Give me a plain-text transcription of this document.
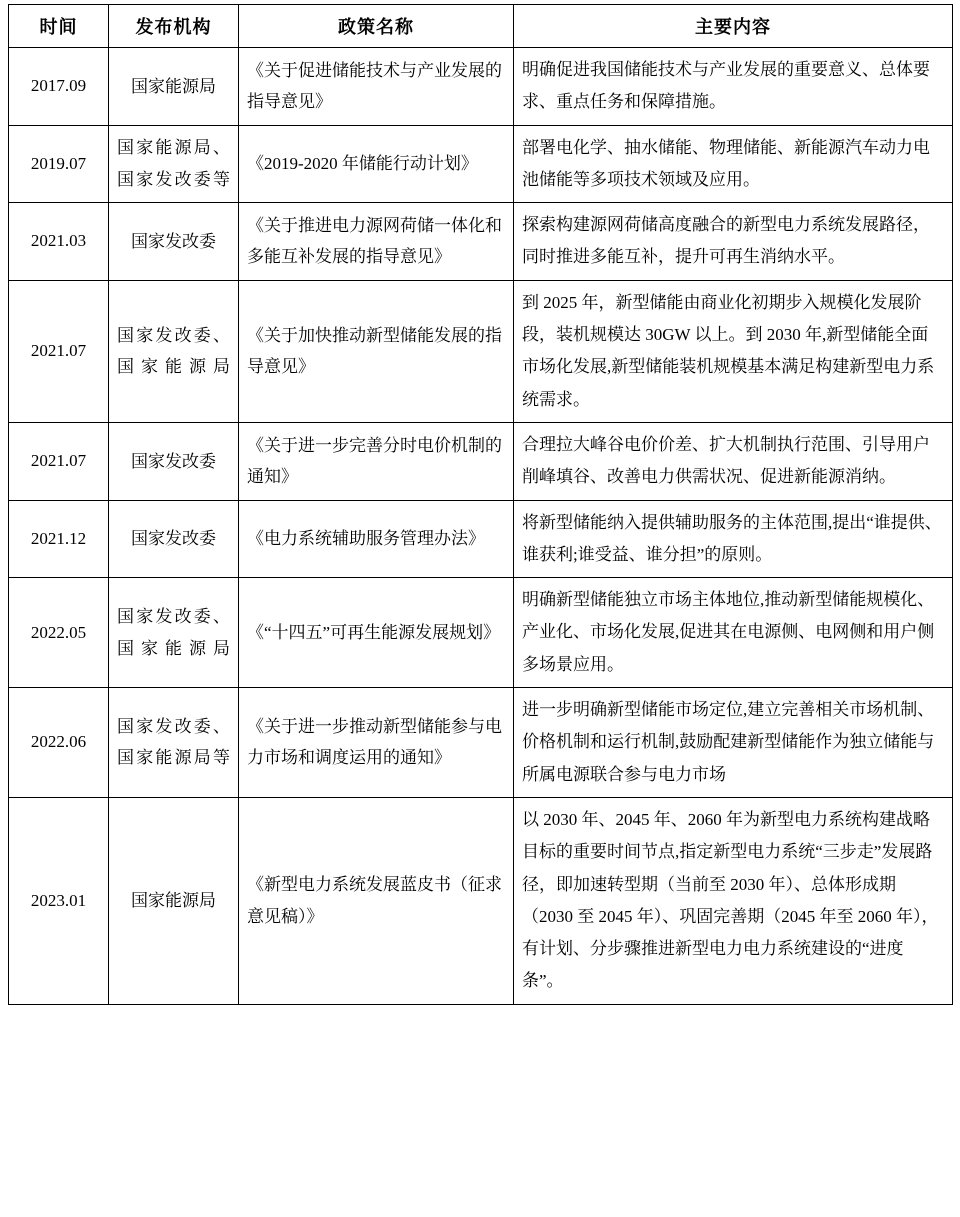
时间	发布机构	政策名称	主要内容
2017.09	国家能源局	《关于促进储能技术与产业发展的指导意见》	明确促进我国储能技术与产业发展的重要意义、总体要求、重点任务和保障措施。
2019.07	国家能源局、国家发改委等	《2019-2020 年储能行动计划》	部署电化学、抽水储能、物理储能、新能源汽车动力电池储能等多项技术领域及应用。
2021.03	国家发改委	《关于推进电力源网荷储一体化和多能互补发展的指导意见》	探索构建源网荷储高度融合的新型电力系统发展路径，同时推进多能互补，提升可再生消纳水平。
2021.07	国家发改委、国家能源局	《关于加快推动新型储能发展的指导意见》	到 2025 年，新型储能由商业化初期步入规模化发展阶段，装机规模达 30GW 以上。到 2030 年,新型储能全面市场化发展,新型储能装机规模基本满足构建新型电力系统需求。
2021.07	国家发改委	《关于进一步完善分时电价机制的通知》	合理拉大峰谷电价价差、扩大机制执行范围、引导用户削峰填谷、改善电力供需状况、促进新能源消纳。
2021.12	国家发改委	《电力系统辅助服务管理办法》	将新型储能纳入提供辅助服务的主体范围,提出“谁提供、谁获利;谁受益、谁分担”的原则。
2022.05	国家发改委、国家能源局	《“十四五”可再生能源发展规划》	明确新型储能独立市场主体地位,推动新型储能规模化、产业化、市场化发展,促进其在电源侧、电网侧和用户侧多场景应用。
2022.06	国家发改委、国家能源局等	《关于进一步推动新型储能参与电力市场和调度运用的通知》	进一步明确新型储能市场定位,建立完善相关市场机制、价格机制和运行机制,鼓励配建新型储能作为独立储能与所属电源联合参与电力市场
2023.01	国家能源局	《新型电力系统发展蓝皮书（征求意见稿）》	以 2030 年、2045 年、2060 年为新型电力系统构建战略目标的重要时间节点,指定新型电力系统“三步走”发展路径，即加速转型期（当前至 2030 年）、总体形成期（2030 至 2045 年）、巩固完善期（2045 年至 2060 年），有计划、分步骤推进新型电力电力系统建设的“进度条”。
